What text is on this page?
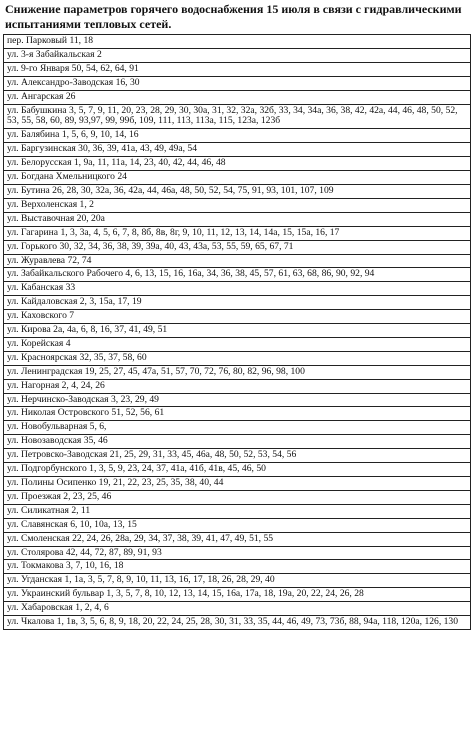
Снижение параметров горячего водоснабжения 15 июля в связи с гидравлическими испытаниями тепловых сетей.
пер. Парковый 11, 18
ул. 3-я Забайкальская 2
ул. 9-го Января 50, 54, 62, 64, 91
ул. Александро-Заводская 16, 30
ул. Ангарская 26
ул. Бабушкина 3, 5, 7, 9, 11, 20, 23, 28, 29, 30, 30а, 31, 32, 32а, 32б, 33, 34, 34а, 36, 38, 42, 42а, 44, 46, 48, 50, 52, 53, 55, 58, 60, 89, 93,97, 99, 99б, 109, 111, 113, 113а, 115, 123а, 123б
ул. Балябина 1, 5, 6, 9, 10, 14, 16
ул. Баргузинская 30, 36, 39, 41а, 43, 49, 49а, 54
ул. Белорусская 1, 9а, 11, 11а, 14, 23, 40, 42, 44, 46, 48
ул. Богдана Хмельницкого 24
ул. Бутина 26, 28, 30, 32а, 36, 42а, 44, 46а, 48, 50, 52, 54, 75, 91, 93, 101, 107, 109
ул. Верхоленская 1, 2
ул. Выставочная 20, 20а
ул. Гагарина 1, 3, 3а, 4, 5, 6, 7, 8, 8б, 8в, 8г, 9, 10, 11, 12, 13, 14, 14а, 15, 15а, 16, 17
ул. Горького 30, 32, 34, 36, 38, 39, 39а, 40, 43, 43а, 53, 55, 59, 65, 67, 71
ул. Журавлева 72, 74
ул. Забайкальского Рабочего 4, 6, 13, 15, 16, 16а, 34, 36, 38, 45, 57, 61, 63, 68, 86, 90, 92, 94
ул. Кабанская 33
ул. Кайдаловская 2, 3, 15а, 17, 19
ул. Каховского 7
ул. Кирова 2а, 4а, 6, 8, 16, 37, 41, 49, 51
ул. Корейская 4
ул. Красноярская 32, 35, 37, 58, 60
ул. Ленинградская 19, 25, 27, 45, 47а, 51, 57, 70, 72, 76, 80, 82, 96, 98, 100
ул. Нагорная 2, 4, 24, 26
ул. Нерчинско-Заводская 3, 23, 29, 49
ул. Николая Островского 51, 52, 56, 61
ул. Новобульварная 5, 6,
ул. Новозаводская 35, 46
ул. Петровско-Заводская 21, 25, 29, 31, 33, 45, 46а, 48, 50, 52, 53, 54, 56
ул. Подгорбунского 1, 3, 5, 9, 23, 24, 37, 41а, 41б, 41в, 45, 46, 50
ул. Полины Осипенко 19, 21, 22, 23, 25, 35, 38, 40, 44
ул. Проезжая 2, 23, 25, 46
ул. Силикатная 2, 11
ул. Славянская 6, 10, 10а, 13, 15
ул. Смоленская 22, 24, 26, 28а, 29, 34, 37, 38, 39, 41, 47, 49, 51, 55
ул. Столярова 42, 44, 72, 87, 89, 91, 93
ул. Токмакова 3, 7, 10, 16, 18
ул. Угданская 1, 1а, 3, 5, 7, 8, 9, 10, 11, 13, 16, 17, 18, 26, 28, 29, 40
ул. Украинский бульвар 1, 3, 5, 7, 8, 10, 12, 13, 14, 15, 16а, 17а, 18, 19а, 20, 22, 24, 26, 28
ул. Хабаровская 1, 2, 4, 6
ул. Чкалова 1, 1в, 3, 5, 6, 8, 9, 18, 20, 22, 24, 25, 28, 30, 31, 33, 35, 44, 46, 49, 73, 73б, 88, 94а, 118, 120а, 126, 130
